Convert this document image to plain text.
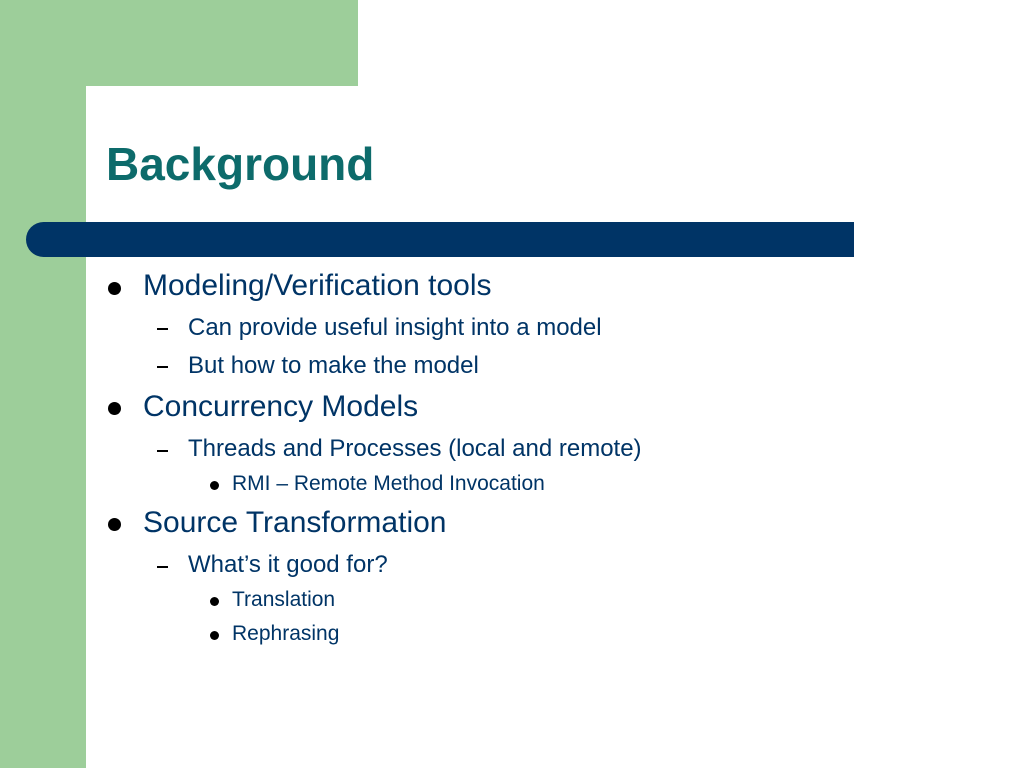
Background
Modeling/Verification tools
Can provide useful insight into a model
But how to make the model
Concurrency Models
Threads and Processes (local and remote)
RMI – Remote Method Invocation
Source Transformation
What’s it good for?
Translation
Rephrasing
